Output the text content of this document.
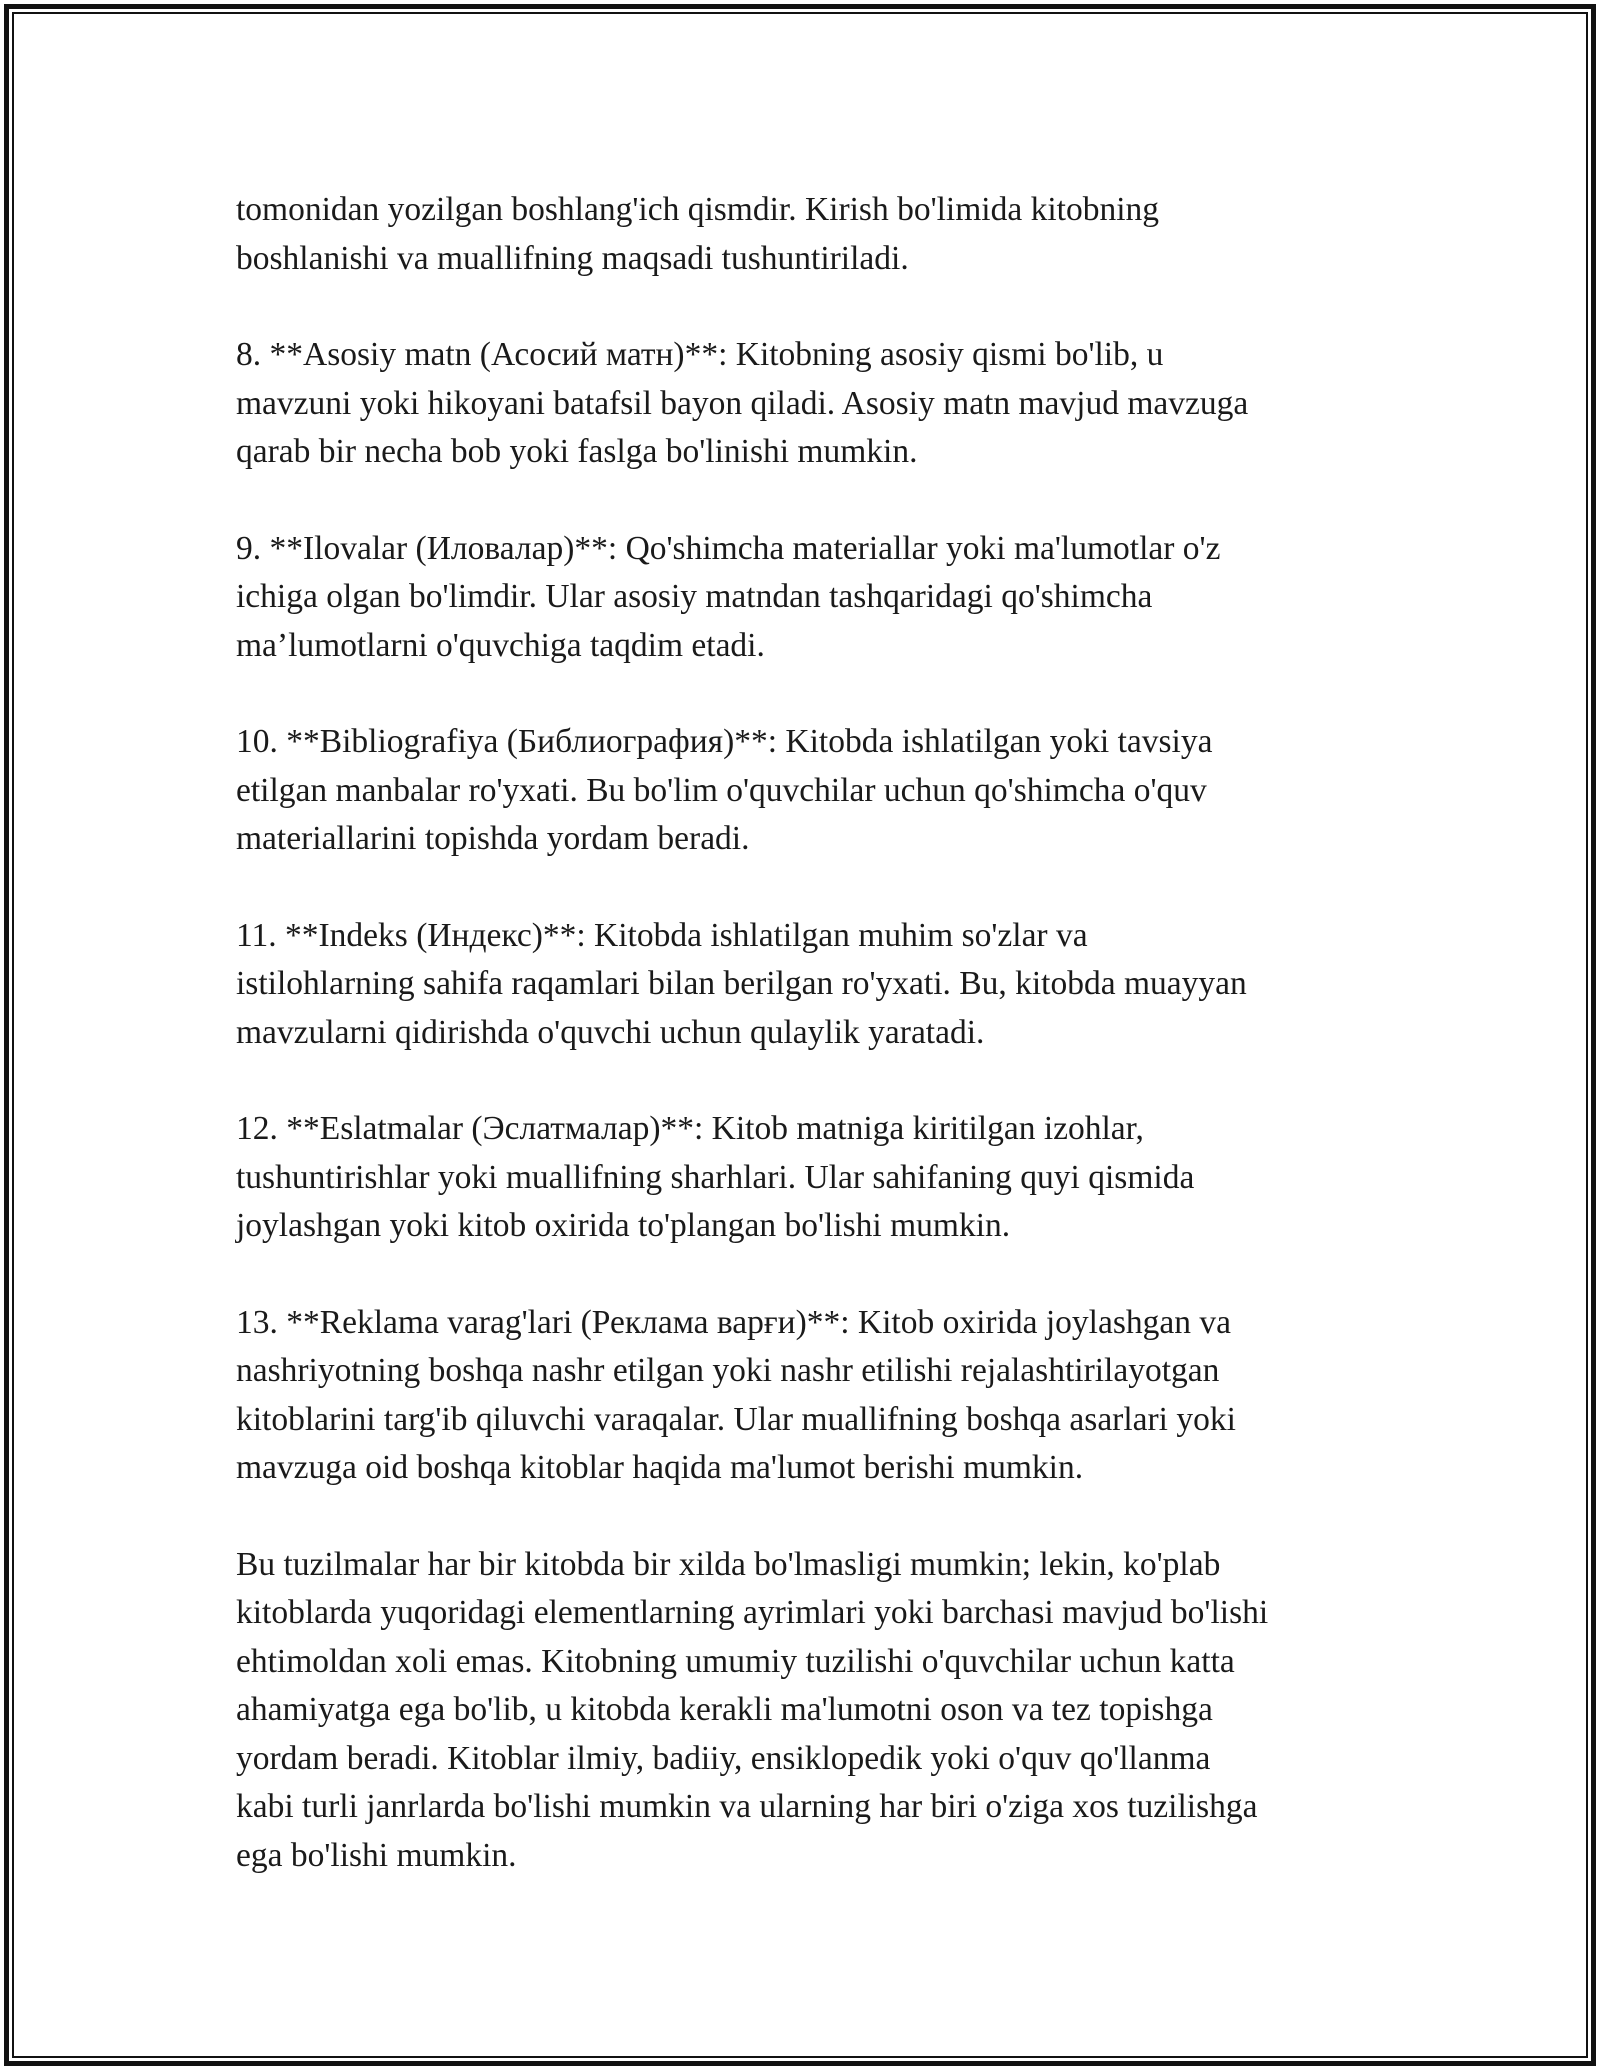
tomonidan yozilgan boshlang'ich qismdir. Kirish bo'limida kitobning
boshlanishi va muallifning maqsadi tushuntiriladi.

8. **Asosiy matn (Асосий матн)**: Kitobning asosiy qismi bo'lib, u
mavzuni yoki hikoyani batafsil bayon qiladi. Asosiy matn mavjud mavzuga
qarab bir necha bob yoki faslga bo'linishi mumkin.

9. **Ilovalar (Иловалар)**: Qo'shimcha materiallar yoki ma'lumotlar o'z
ichiga olgan bo'limdir. Ular asosiy matndan tashqaridagi qo'shimcha
ma’lumotlarni o'quvchiga taqdim etadi.

10. **Bibliografiya (Библиография)**: Kitobda ishlatilgan yoki tavsiya
etilgan manbalar ro'yxati. Bu bo'lim o'quvchilar uchun qo'shimcha o'quv
materiallarini topishda yordam beradi.

11. **Indeks (Индекс)**: Kitobda ishlatilgan muhim so'zlar va
istilohlarning sahifa raqamlari bilan berilgan ro'yxati. Bu, kitobda muayyan
mavzularni qidirishda o'quvchi uchun qulaylik yaratadi.

12. **Eslatmalar (Эслатмалар)**: Kitob matniga kiritilgan izohlar,
tushuntirishlar yoki muallifning sharhlari. Ular sahifaning quyi qismida
joylashgan yoki kitob oxirida to'plangan bo'lishi mumkin.

13. **Reklama varag'lari (Реклама варғи)**: Kitob oxirida joylashgan va
nashriyotning boshqa nashr etilgan yoki nashr etilishi rejalashtirilayotgan
kitoblarini targ'ib qiluvchi varaqalar. Ular muallifning boshqa asarlari yoki
mavzuga oid boshqa kitoblar haqida ma'lumot berishi mumkin.

Bu tuzilmalar har bir kitobda bir xilda bo'lmasligi mumkin; lekin, ko'plab
kitoblarda yuqoridagi elementlarning ayrimlari yoki barchasi mavjud bo'lishi
ehtimoldan xoli emas. Kitobning umumiy tuzilishi o'quvchilar uchun katta
ahamiyatga ega bo'lib, u kitobda kerakli ma'lumotni oson va tez topishga
yordam beradi. Kitoblar ilmiy, badiiy, ensiklopedik yoki o'quv qo'llanma
kabi turli janrlarda bo'lishi mumkin va ularning har biri o'ziga xos tuzilishga
ega bo'lishi mumkin.
